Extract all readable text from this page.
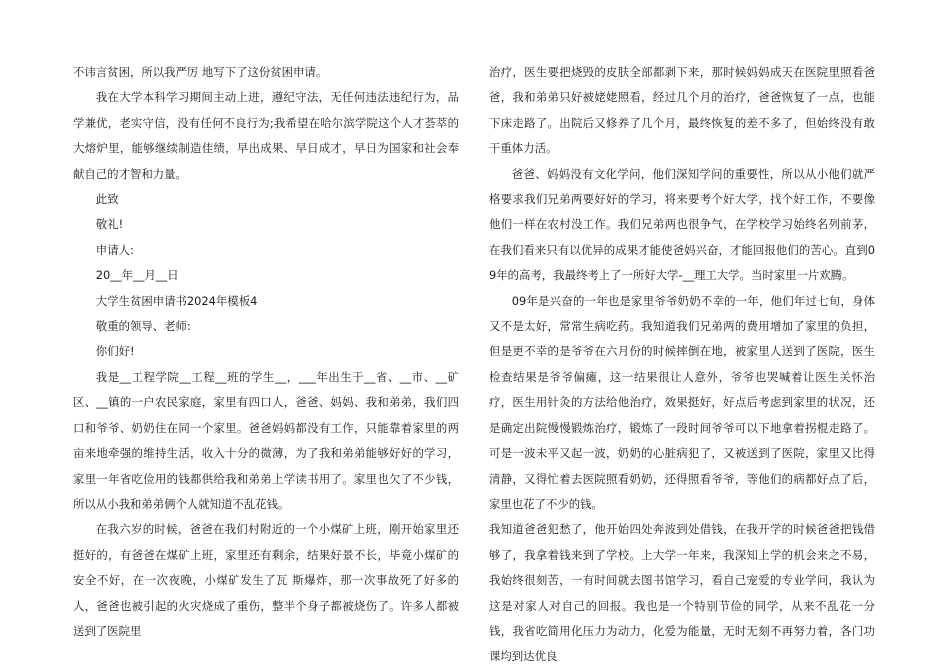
不讳言贫困，所以我严厉 地写下了这份贫困申请。

我在大学本科学习期间主动上进，遵纪守法，无任何违法违纪行为，品学兼优，老实守信，没有任何不良行为;我希望在哈尔滨学院这个人才荟萃的大熔炉里，能够继续制造佳绩，早出成果、早日成才，早日为国家和社会奉献自己的才智和力量。

此致

敬礼!

申请人:

20__年__月__日

大学生贫困申请书2024年模板4

敬重的领导、老师:

你们好!

我是__工程学院__工程__班的学生__，___年出生于__省、__市、__矿区、__镇的一户农民家庭，家里有四口人，爸爸、妈妈、我和弟弟，我们四口和爷爷、奶奶住在同一个家里。爸爸妈妈都没有工作，只能靠着家里的两亩来地牵强的维持生活，收入十分的微薄，为了我和弟弟能够好好的学习，家里一年省吃俭用的钱都供给我和弟弟上学读书用了。家里也欠了不少钱，所以从小我和弟弟俩个人就知道不乱花钱。

在我六岁的时候，爸爸在我们村附近的一个小煤矿上班，刚开始家里还挺好的，有爸爸在煤矿上班，家里还有剩余，结果好景不长，毕竟小煤矿的安全不好，在一次夜晚，小煤矿发生了瓦 斯爆炸，那一次事故死了好多的人，爸爸也被引起的火灾烧成了重伤，整半个身子都被烧伤了。许多人都被送到了医院里

治疗，医生要把烧毁的皮肤全部都剥下来，那时候妈妈成天在医院里照看爸爸，我和弟弟只好被姥姥照看，经过几个月的治疗，爸爸恢复了一点，也能下床走路了。出院后又修养了几个月，最终恢复的差不多了，但始终没有敢干重体力活。

爸爸、妈妈没有文化学问，他们深知学问的重要性，所以从小他们就严格要求我们兄弟两要好好的学习，将来要考个好大学，找个好工作，不要像他们一样在农村没工作。我们兄弟两也很争气，在学校学习始终名列前茅，在我们看来只有以优异的成果才能使爸妈兴奋，才能回报他们的苦心。直到09年的高考，我最终考上了一所好大学-__理工大学。当时家里一片欢腾。

09年是兴奋的一年也是家里爷爷奶奶不幸的一年，他们年过七旬，身体又不是太好，常常生病吃药。我知道我们兄弟两的费用增加了家里的负担，但是更不幸的是爷爷在六月份的时候摔倒在地，被家里人送到了医院，医生检查结果是爷爷偏瘫，这一结果很让人意外，爷爷也哭喊着让医生关怀治疗，医生用针灸的方法给他治疗，效果挺好，好点后考虑到家里的状况，还是确定出院慢慢锻炼治疗，锻炼了一段时间爷爷可以下地拿着拐棍走路了。可是一波未平又起一波，奶奶的心脏病犯了，又被送到了医院，家里又比得清静，又得忙着去医院照看奶奶，还得照看爷爷，等他们的病都好点了后，家里也花了不少的钱。

我知道爸爸犯愁了，他开始四处奔波到处借钱，在我开学的时候爸爸把钱借够了，我拿着钱来到了学校。上大学一年来，我深知上学的机会来之不易，我始终很刻苦，一有时间就去图书馆学习，看自己宠爱的专业学问，我认为这是对家人对自己的回报。我也是一个特别节俭的同学，从来不乱花一分钱，我省吃简用化压力为动力，化爱为能量，无时无刻不再努力着，各门功课均到达优良
